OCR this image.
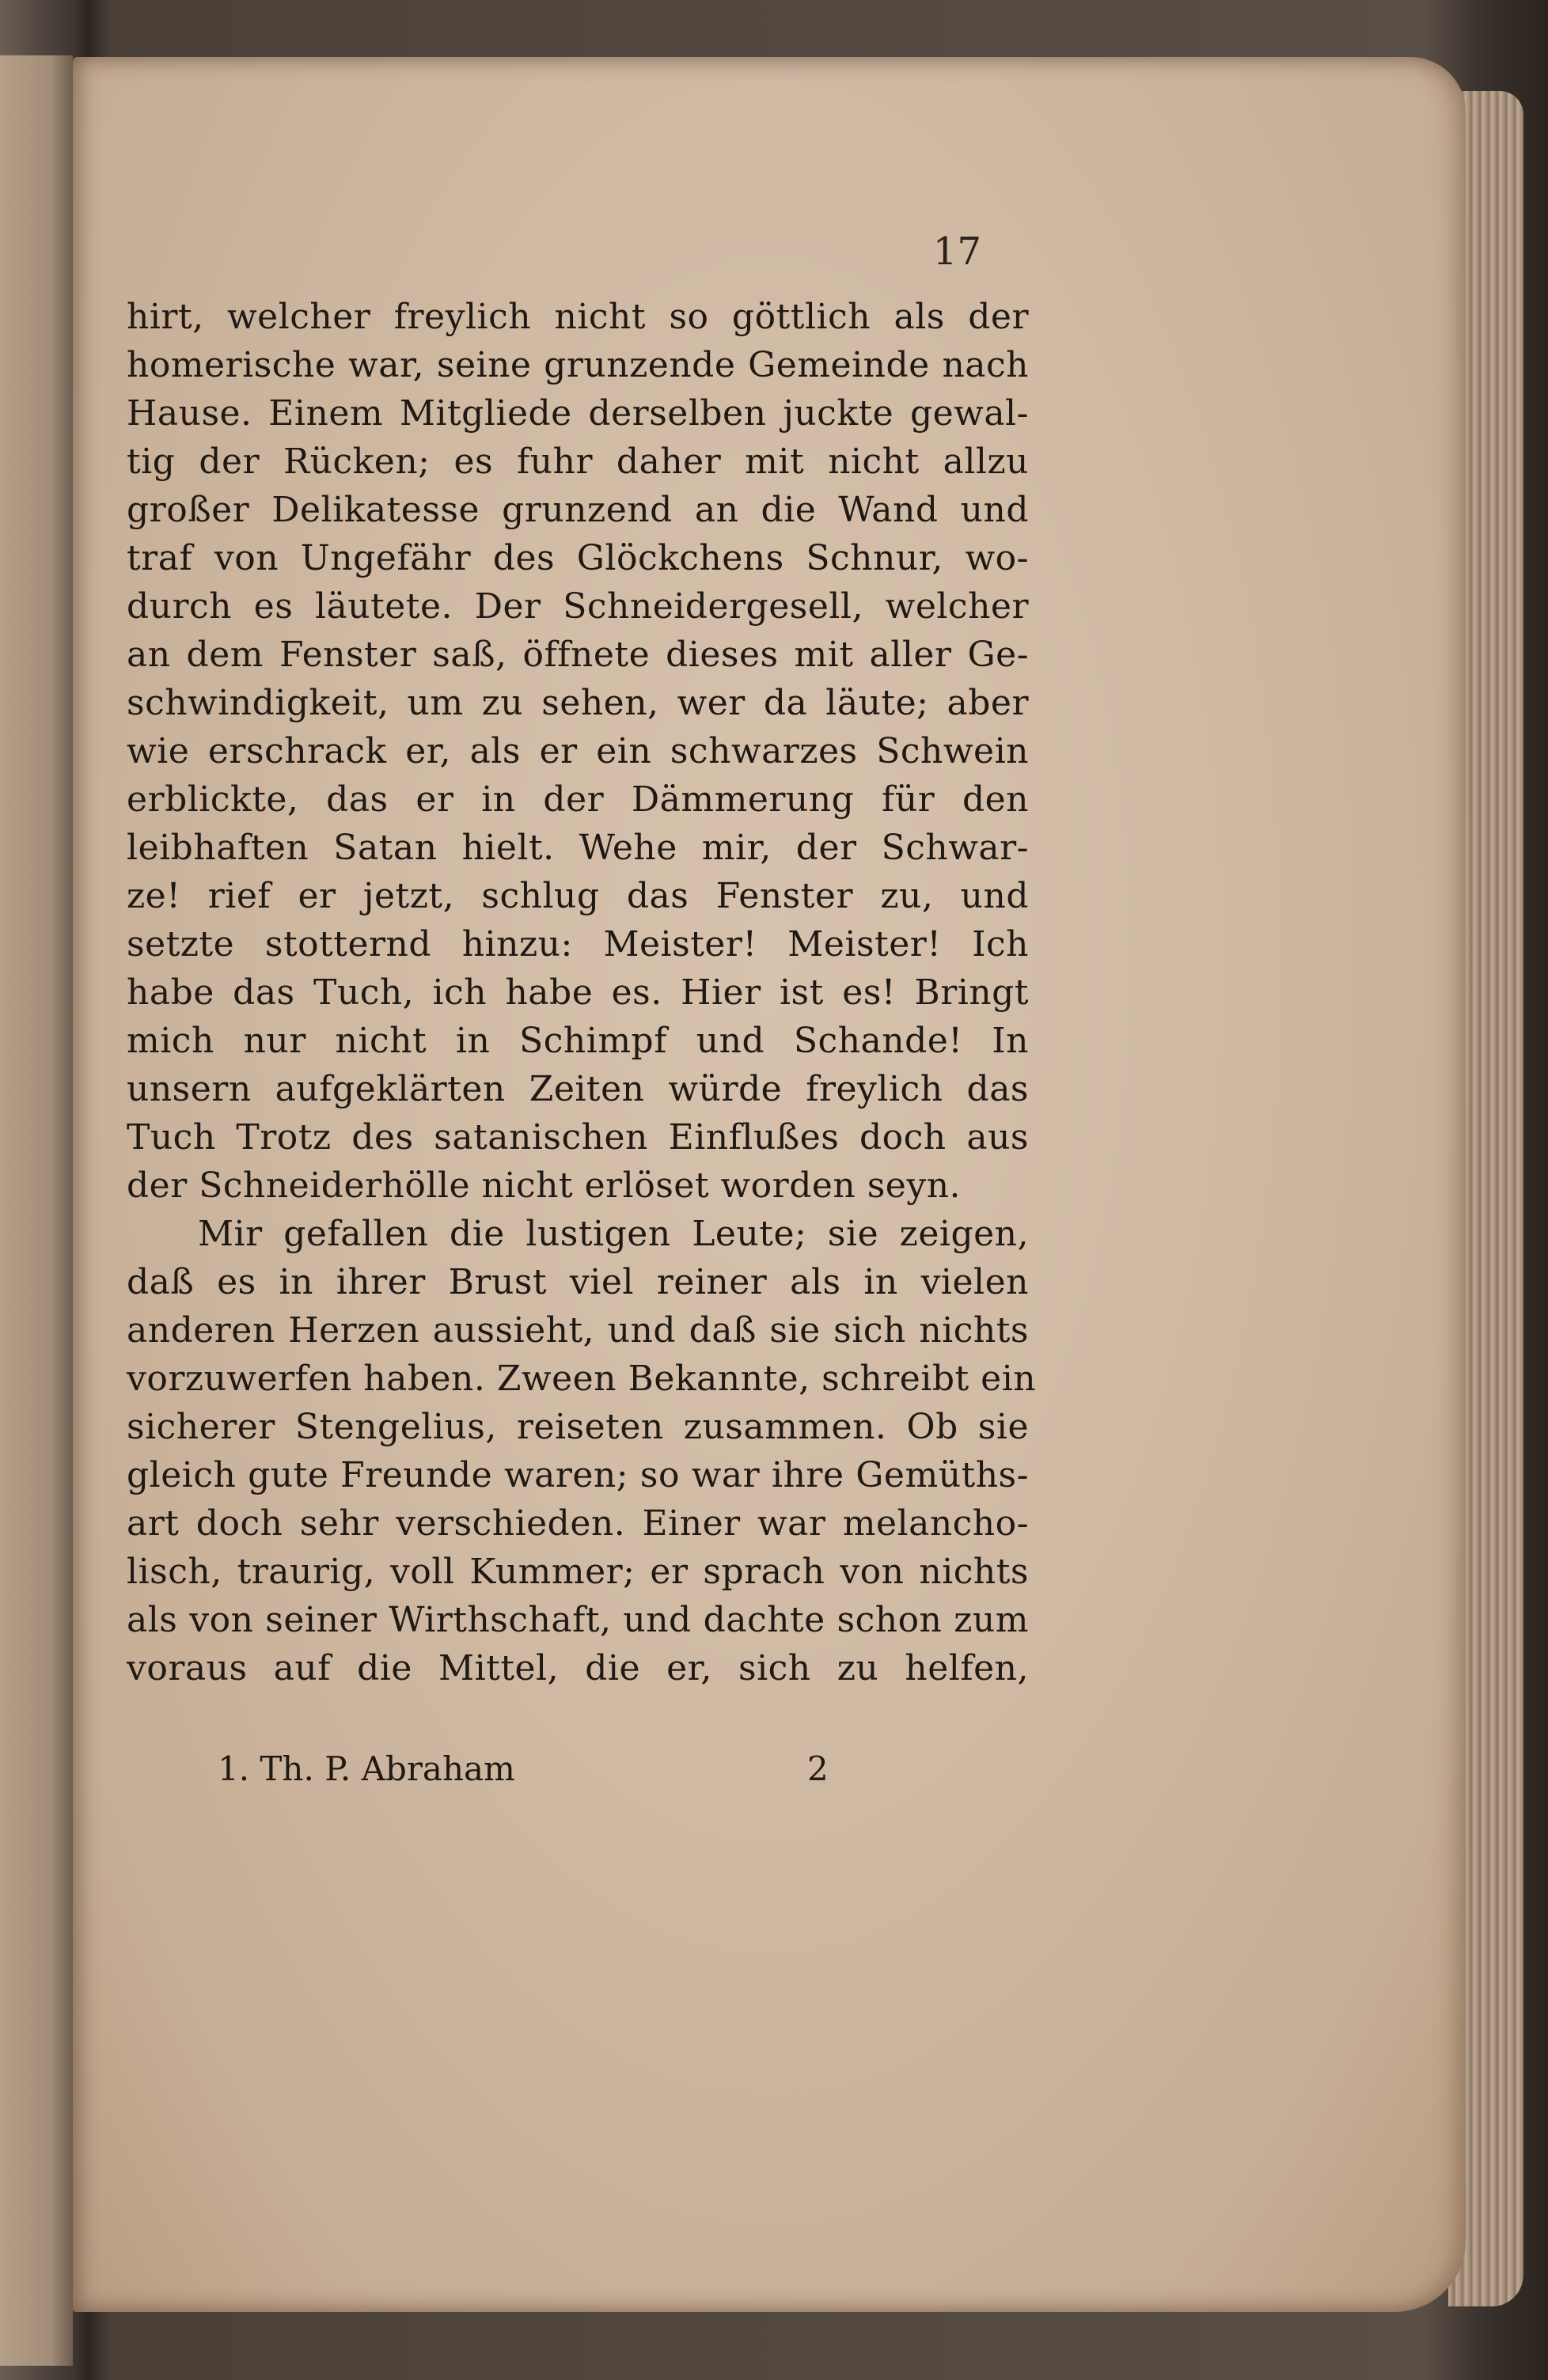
17
hirt, welcher freylich nicht so göttlich als der
homerische war, seine grunzende Gemeinde nach
Hause. Einem Mitgliede derselben juckte gewal-
tig der Rücken; es fuhr daher mit nicht allzu
großer Delikatesse grunzend an die Wand und
traf von Ungefähr des Glöckchens Schnur, wo-
durch es läutete. Der Schneidergesell, welcher
an dem Fenster saß, öffnete dieses mit aller Ge-
schwindigkeit, um zu sehen, wer da läute; aber
wie erschrack er, als er ein schwarzes Schwein
erblickte, das er in der Dämmerung für den
leibhaften Satan hielt. Wehe mir, der Schwar-
ze! rief er jetzt, schlug das Fenster zu, und
setzte stotternd hinzu: Meister! Meister! Ich
habe das Tuch, ich habe es. Hier ist es! Bringt
mich nur nicht in Schimpf und Schande! In
unsern aufgeklärten Zeiten würde freylich das
Tuch Trotz des satanischen Einflußes doch aus
der Schneiderhölle nicht erlöset worden seyn.
Mir gefallen die lustigen Leute; sie zeigen,
daß es in ihrer Brust viel reiner als in vielen
anderen Herzen aussieht, und daß sie sich nichts
vorzuwerfen haben. Zween Bekannte, schreibt ein
sicherer Stengelius, reiseten zusammen. Ob sie
gleich gute Freunde waren; so war ihre Gemüths-
art doch sehr verschieden. Einer war melancho-
lisch, traurig, voll Kummer; er sprach von nichts
als von seiner Wirthschaft, und dachte schon zum
voraus auf die Mittel, die er, sich zu helfen,
1. Th. P. Abraham	2
